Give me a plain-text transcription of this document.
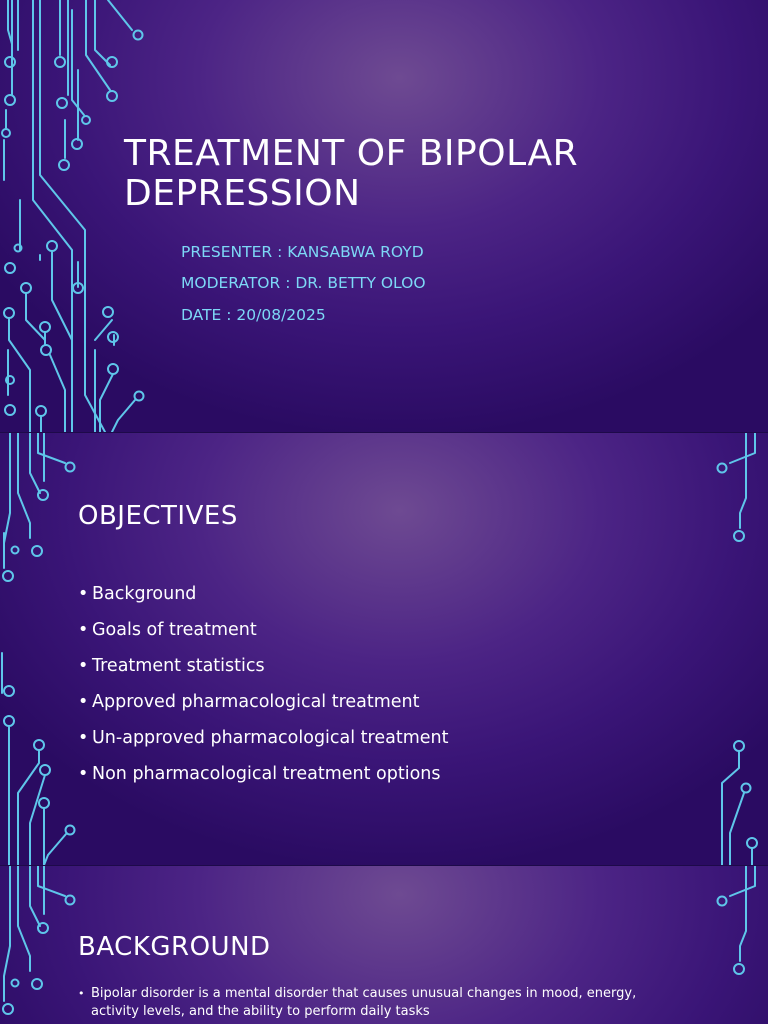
TREATMENT OF BIPOLAR
DEPRESSION
PRESENTER : KANSABWA ROYD
MODERATOR : DR. BETTY OLOO
DATE : 20/08/2025
OBJECTIVES
• Background
• Goals of treatment
• Treatment statistics
• Approved pharmacological treatment
• Un-approved pharmacological treatment
• Non pharmacological treatment options
BACKGROUND
• Bipolar disorder is a mental disorder that causes unusual changes in mood, energy, activity levels, and the ability to perform daily tasks
